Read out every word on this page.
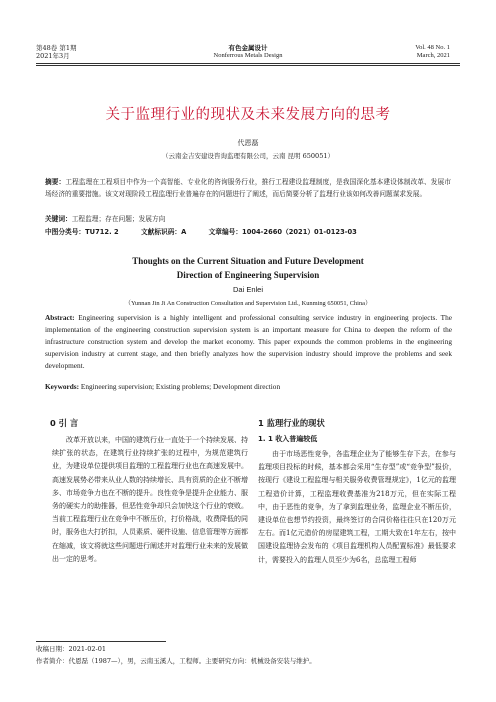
第48卷 第1期
2021年3月
有色金属设计
Nonferrous Metals Design
Vol. 48 No. 1
March, 2021
关于监理行业的现状及未来发展方向的思考
代恩磊
（云南金吉安建设咨询监理有限公司，云南 昆明 650051）
摘要：工程监理在工程项目中作为一个高智能、专业化的咨询服务行业，推行工程建设监理制度，是我国深化基本建设体制改革、发展市场经济的重要措施。该文对现阶段工程监理行业普遍存在的问题进行了阐述，而后简要分析了监理行业该如何改善问题谋求发展。
关键词：工程监理；存在问题；发展方向
中图分类号：TU712. 2	文献标识码：A	文章编号：1004-2660（2021）01-0123-03
Thoughts on the Current Situation and Future Development
Direction of Engineering Supervision
Dai Enlei
（Yunnan Jin Ji An Construction Consultation and Supervision Ltd., Kunming 650051, China）
Abstract: Engineering supervision is a highly intelligent and professional consulting service industry in engineering projects. The implementation of the engineering construction supervision system is an important measure for China to deepen the reform of the infrastructure construction system and develop the market economy. This paper expounds the common problems in the engineering supervision industry at current stage, and then briefly analyzes how the supervision industry should improve the problems and seek development.
Keywords: Engineering supervision; Existing problems; Development direction
0 引 言

改革开放以来，中国的建筑行业一直处于一个持续发展、持续扩张的状态，在建筑行业持续扩张的过程中，为规范建筑行业，为建设单位提供项目监理的工程监理行业也在高速发展中。高速发展势必带来从业人数的持续增长、具有资质的企业不断增多、市场竞争力也在不断的提升。良性竞争是提升企业能力、服务的硬实力的助推器，但恶性竞争却只会加快这个行业的衰败。当前工程监理行业在竞争中不断压价，打价格战，收费降低的同时，服务也大打折扣，人员素质、硬件设施、信息管理等方面都在缩减，该文将就这些问题进行阐述并对监理行业未来的发展做出一定的思考。

1 监理行业的现状
1. 1 收入普遍较低

由于市场恶性竞争，各监理企业为了能够生存下去，在参与监理项目投标的时候，基本都会采用“生存型”或“竞争型”报价，按现行《建设工程监理与相关服务收费管理规定》，1亿元的监理工程造价计算，工程监理收费基准为218万元，但在实际工程中，由于恶性的竞争，为了拿到监理业务，监理企业不断压价，建设单位也想节约投资，最终签订的合同价格往往只在120万元左右。而1亿元造价的房屋建筑工程，工期大致在1年左右，按中国建设监理协会发布的《项目监理机构人员配置标准》最低要求计，需要投入的监理人员至少为6名，总监理工程师

收稿日期：2021-02-01
作者简介：代恩磊（1987—），男，云南玉溪人，工程师。主要研究方向：机械设备安装与维护。
